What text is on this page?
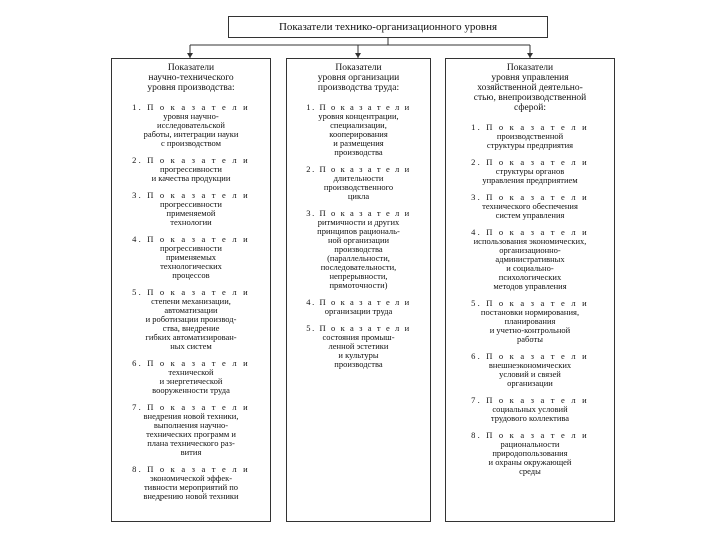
Показатели технико-организационного уровня
Показатели
научно-технического
уровня производства:
1. П о к а з а т е л и
уровня научно-
исследовательской
работы, интеграции науки
с производством
2. П о к а з а т е л и
прогрессивности
и качества продукции
3. П о к а з а т е л и
прогрессивности
применяемой
технологии
4. П о к а з а т е л и
прогрессивности
применяемых
технологических
процессов
5. П о к а з а т е л и
степени механизации,
автоматизации
и роботизации производ-
ства, внедрение
гибких автоматизирован-
ных систем
6. П о к а з а т е л и
технической
и энергетической
вооруженности труда
7. П о к а з а т е л и
внедрения новой техники,
выполнения научно-
технических программ и
плана технического раз-
вития
8. П о к а з а т е л и
экономической эффек-
тивности мероприятий по
внедрению новой техники
Показатели
уровня организации
производства труда:
1. П о к а з а т е л и
уровня концентрации,
специализации,
кооперирования
и размещения
производства
2. П о к а з а т е л и
длительности
производственного
цикла
3. П о к а з а т е л и
ритмичности и других
принципов рациональ-
ной организации
производства
(параллельности,
последовательности,
непрерывности,
прямоточности)
4. П о к а з а т е л и
организации труда
5. П о к а з а т е л и
состояния промыш-
ленной эстетики
и культуры
производства
Показатели
уровня управления
хозяйственной деятельно-
стью, внепроизводственной
сферой:
1. П о к а з а т е л и
производственной
структуры предприятия
2. П о к а з а т е л и
структуры органов
управления предприятием
3. П о к а з а т е л и
технического обеспечения
систем управления
4. П о к а з а т е л и
использования экономических,
организационно-
административных
и социально-
психологических
методов управления
5. П о к а з а т е л и
постановки нормирования,
планирования
и учетно-контрольной
работы
6. П о к а з а т е л и
внешнеэкономических
условий и связей
организации
7. П о к а з а т е л и
социальных условий
трудового коллектива
8. П о к а з а т е л и
рациональности
природопользования
и охраны окружающей
среды
